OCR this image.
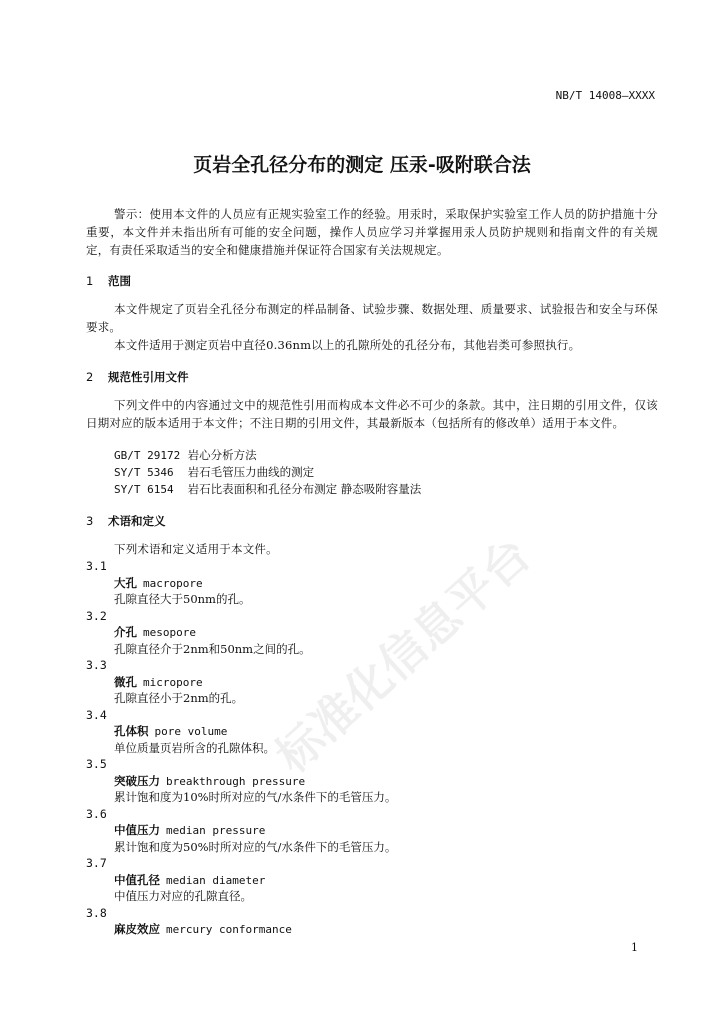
标准化信息平台
NB/T 14008—XXXX
页岩全孔径分布的测定 压汞-吸附联合法
警示：使用本文件的人员应有正规实验室工作的经验。用汞时，采取保护实验室工作人员的防护措施十分重要，本文件并未指出所有可能的安全问题，操作人员应学习并掌握用汞人员防护规则和指南文件的有关规定，有责任采取适当的安全和健康措施并保证符合国家有关法规规定。
1 范围
本文件规定了页岩全孔径分布测定的样品制备、试验步骤、数据处理、质量要求、试验报告和安全与环保要求。
本文件适用于测定页岩中直径0.36nm以上的孔隙所处的孔径分布，其他岩类可参照执行。
2 规范性引用文件
下列文件中的内容通过文中的规范性引用而构成本文件必不可少的条款。其中，注日期的引用文件，仅该日期对应的版本适用于本文件；不注日期的引用文件，其最新版本（包括所有的修改单）适用于本文件。
GB/T 29172 岩心分析方法
SY/T 5346 岩石毛管压力曲线的测定
SY/T 6154 岩石比表面积和孔径分布测定 静态吸附容量法
3 术语和定义
下列术语和定义适用于本文件。
3.1
大孔 macropore
孔隙直径大于50nm的孔。
3.2
介孔 mesopore
孔隙直径介于2nm和50nm之间的孔。
3.3
微孔 micropore
孔隙直径小于2nm的孔。
3.4
孔体积 pore volume
单位质量页岩所含的孔隙体积。
3.5
突破压力 breakthrough pressure
累计饱和度为10%时所对应的气/水条件下的毛管压力。
3.6
中值压力 median pressure
累计饱和度为50%时所对应的气/水条件下的毛管压力。
3.7
中值孔径 median diameter
中值压力对应的孔隙直径。
3.8
麻皮效应 mercury conformance
1
